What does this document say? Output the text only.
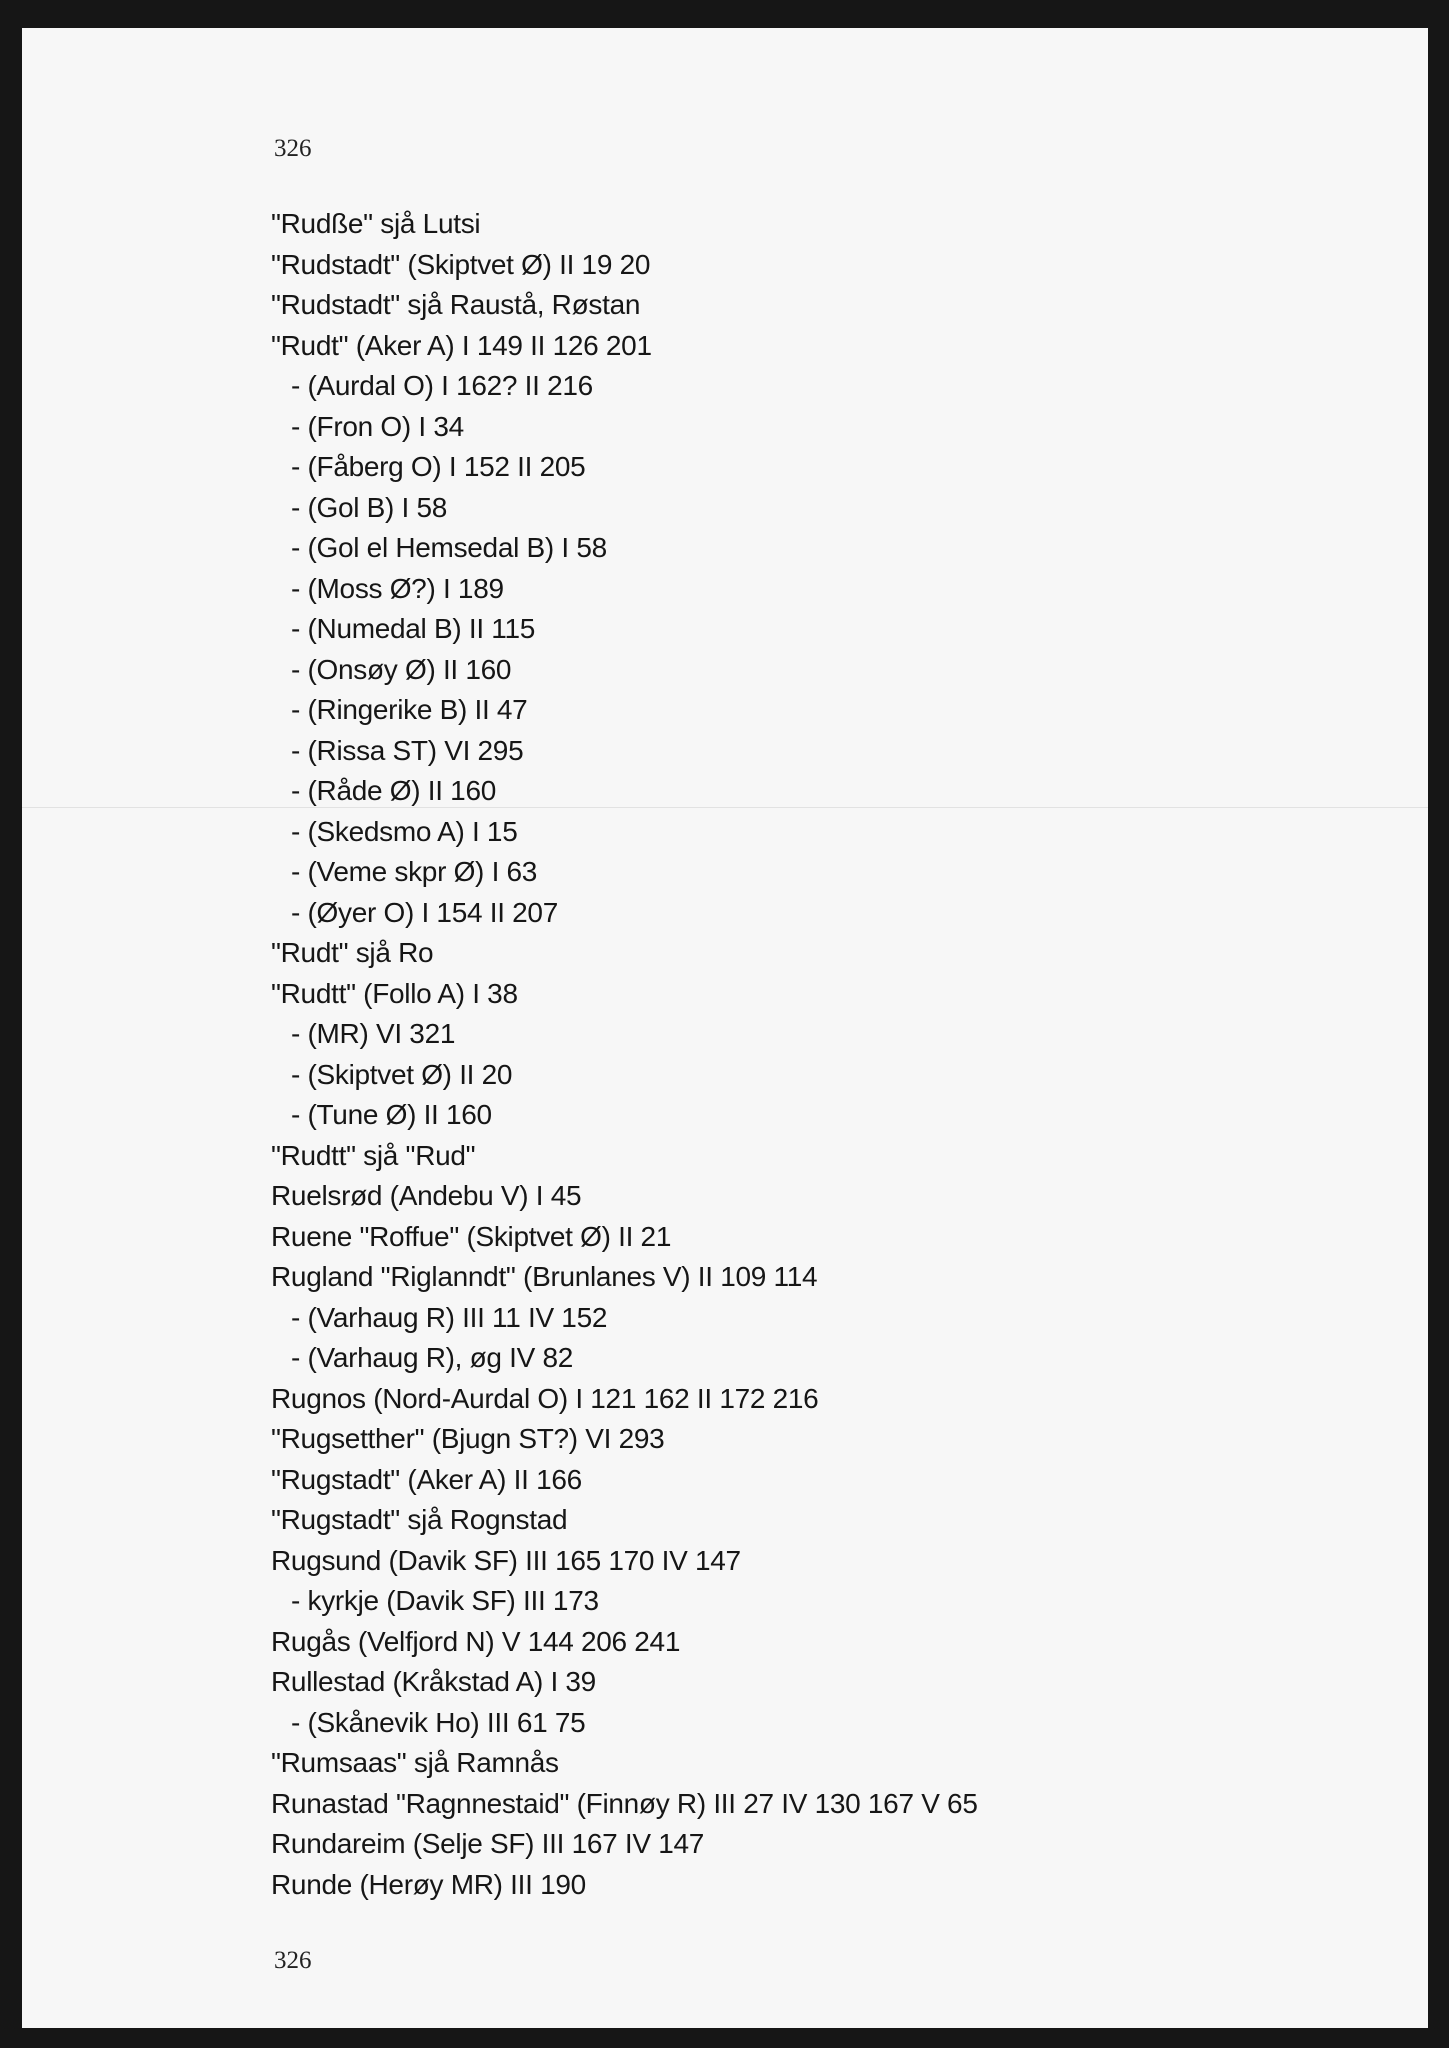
326
"Rudße" sjå Lutsi
"Rudstadt" (Skiptvet Ø) II 19 20
"Rudstadt" sjå Raustå, Røstan
"Rudt" (Aker A) I 149 II 126 201
- (Aurdal O) I 162? II 216
- (Fron O) I 34
- (Fåberg O) I 152 II 205
- (Gol B) I 58
- (Gol el Hemsedal B) I 58
- (Moss Ø?) I 189
- (Numedal B) II 115
- (Onsøy Ø) II 160
- (Ringerike B) II 47
- (Rissa ST) VI 295
- (Råde Ø) II 160
- (Skedsmo A) I 15
- (Veme skpr Ø) I 63
- (Øyer O) I 154 II 207
"Rudt" sjå Ro
"Rudtt" (Follo A) I 38
- (MR) VI 321
- (Skiptvet Ø) II 20
- (Tune Ø) II 160
"Rudtt" sjå "Rud"
Ruelsrød (Andebu V) I 45
Ruene "Roffue" (Skiptvet Ø) II 21
Rugland "Riglanndt" (Brunlanes V) II 109 114
- (Varhaug R) III 11 IV 152
- (Varhaug R), øg IV 82
Rugnos (Nord-Aurdal O) I 121 162 II 172 216
"Rugsetther" (Bjugn ST?) VI 293
"Rugstadt" (Aker A) II 166
"Rugstadt" sjå Rognstad
Rugsund (Davik SF) III 165 170 IV 147
- kyrkje (Davik SF) III 173
Rugås (Velfjord N) V 144 206 241
Rullestad (Kråkstad A) I 39
- (Skånevik Ho) III 61 75
"Rumsaas" sjå Ramnås
Runastad "Ragnnestaid" (Finnøy R) III 27 IV 130 167 V 65
Rundareim (Selje SF) III 167 IV 147
Runde (Herøy MR) III 190
326
